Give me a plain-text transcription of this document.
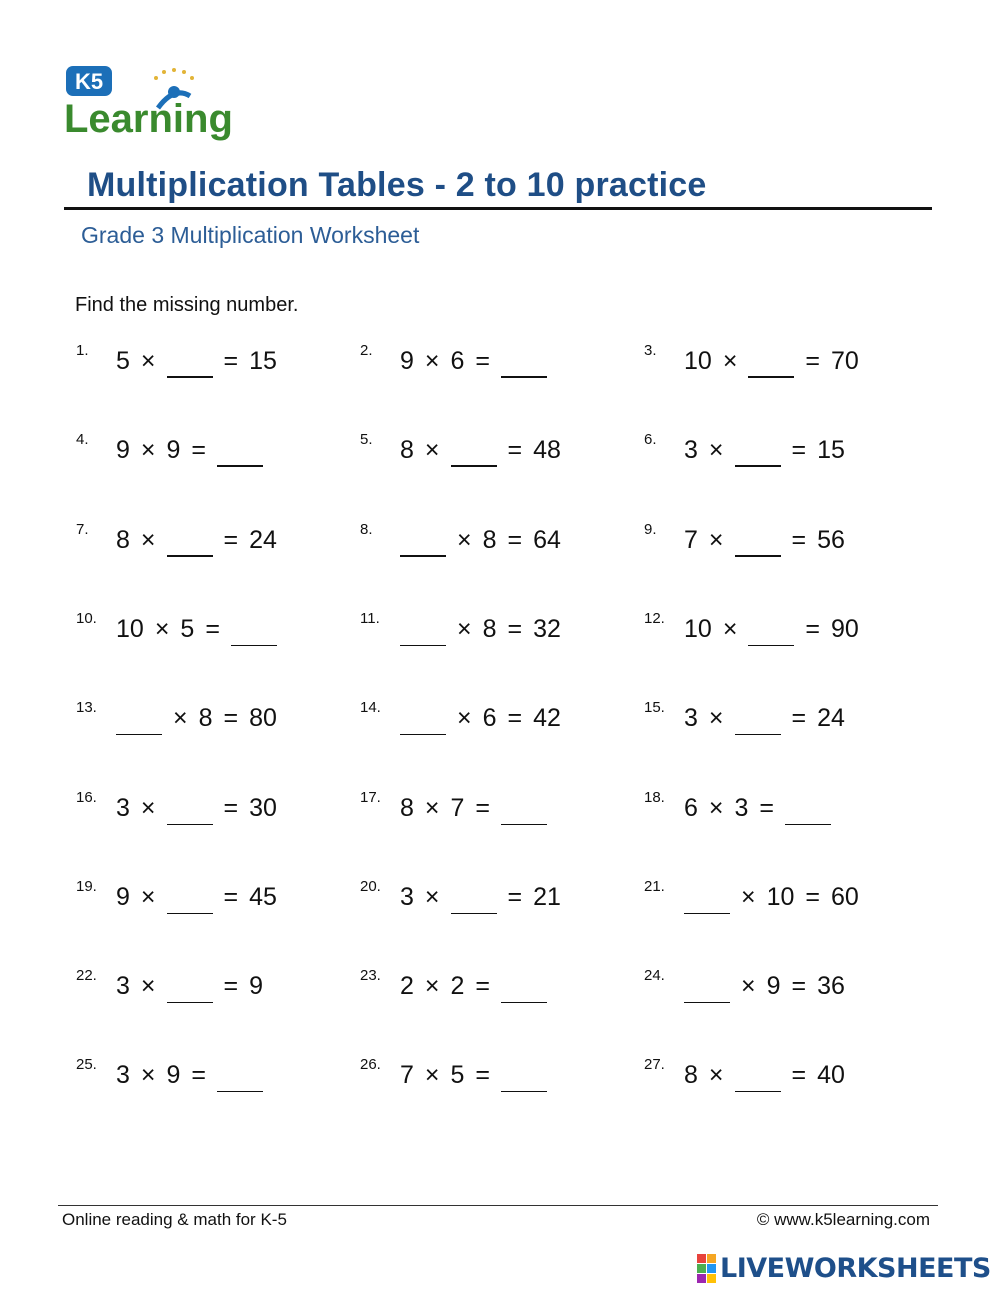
K5
Learning
Multiplication Tables - 2 to 10 practice
Grade 3 Multiplication Worksheet
Find the missing number.
1. 5 ×	= 15	2. 9 × 6 =	3. 10 ×	= 70
4. 9 × 9 =	5. 8 ×	= 48	6. 3 ×	= 15
7. 8 ×	= 24	8.	× 8 = 64	9. 7 ×	= 56
10. 10 × 5 =	11.	× 8 = 32	12. 10 ×	= 90
13.	× 8 = 80	14.	× 6 = 42	15. 3 ×	= 24
16. 3 ×	= 30	17. 8 × 7 =	18. 6 × 3 =
19. 9 ×	= 45	20. 3 ×	= 21	21.	× 10 = 60
22. 3 ×	= 9	23. 2 × 2 =	24.	× 9 = 36
25. 3 × 9 =	26. 7 × 5 =	27. 8 ×	= 40
Online reading & math for K-5	© www.k5learning.com
LIVEWORKSHEETS
